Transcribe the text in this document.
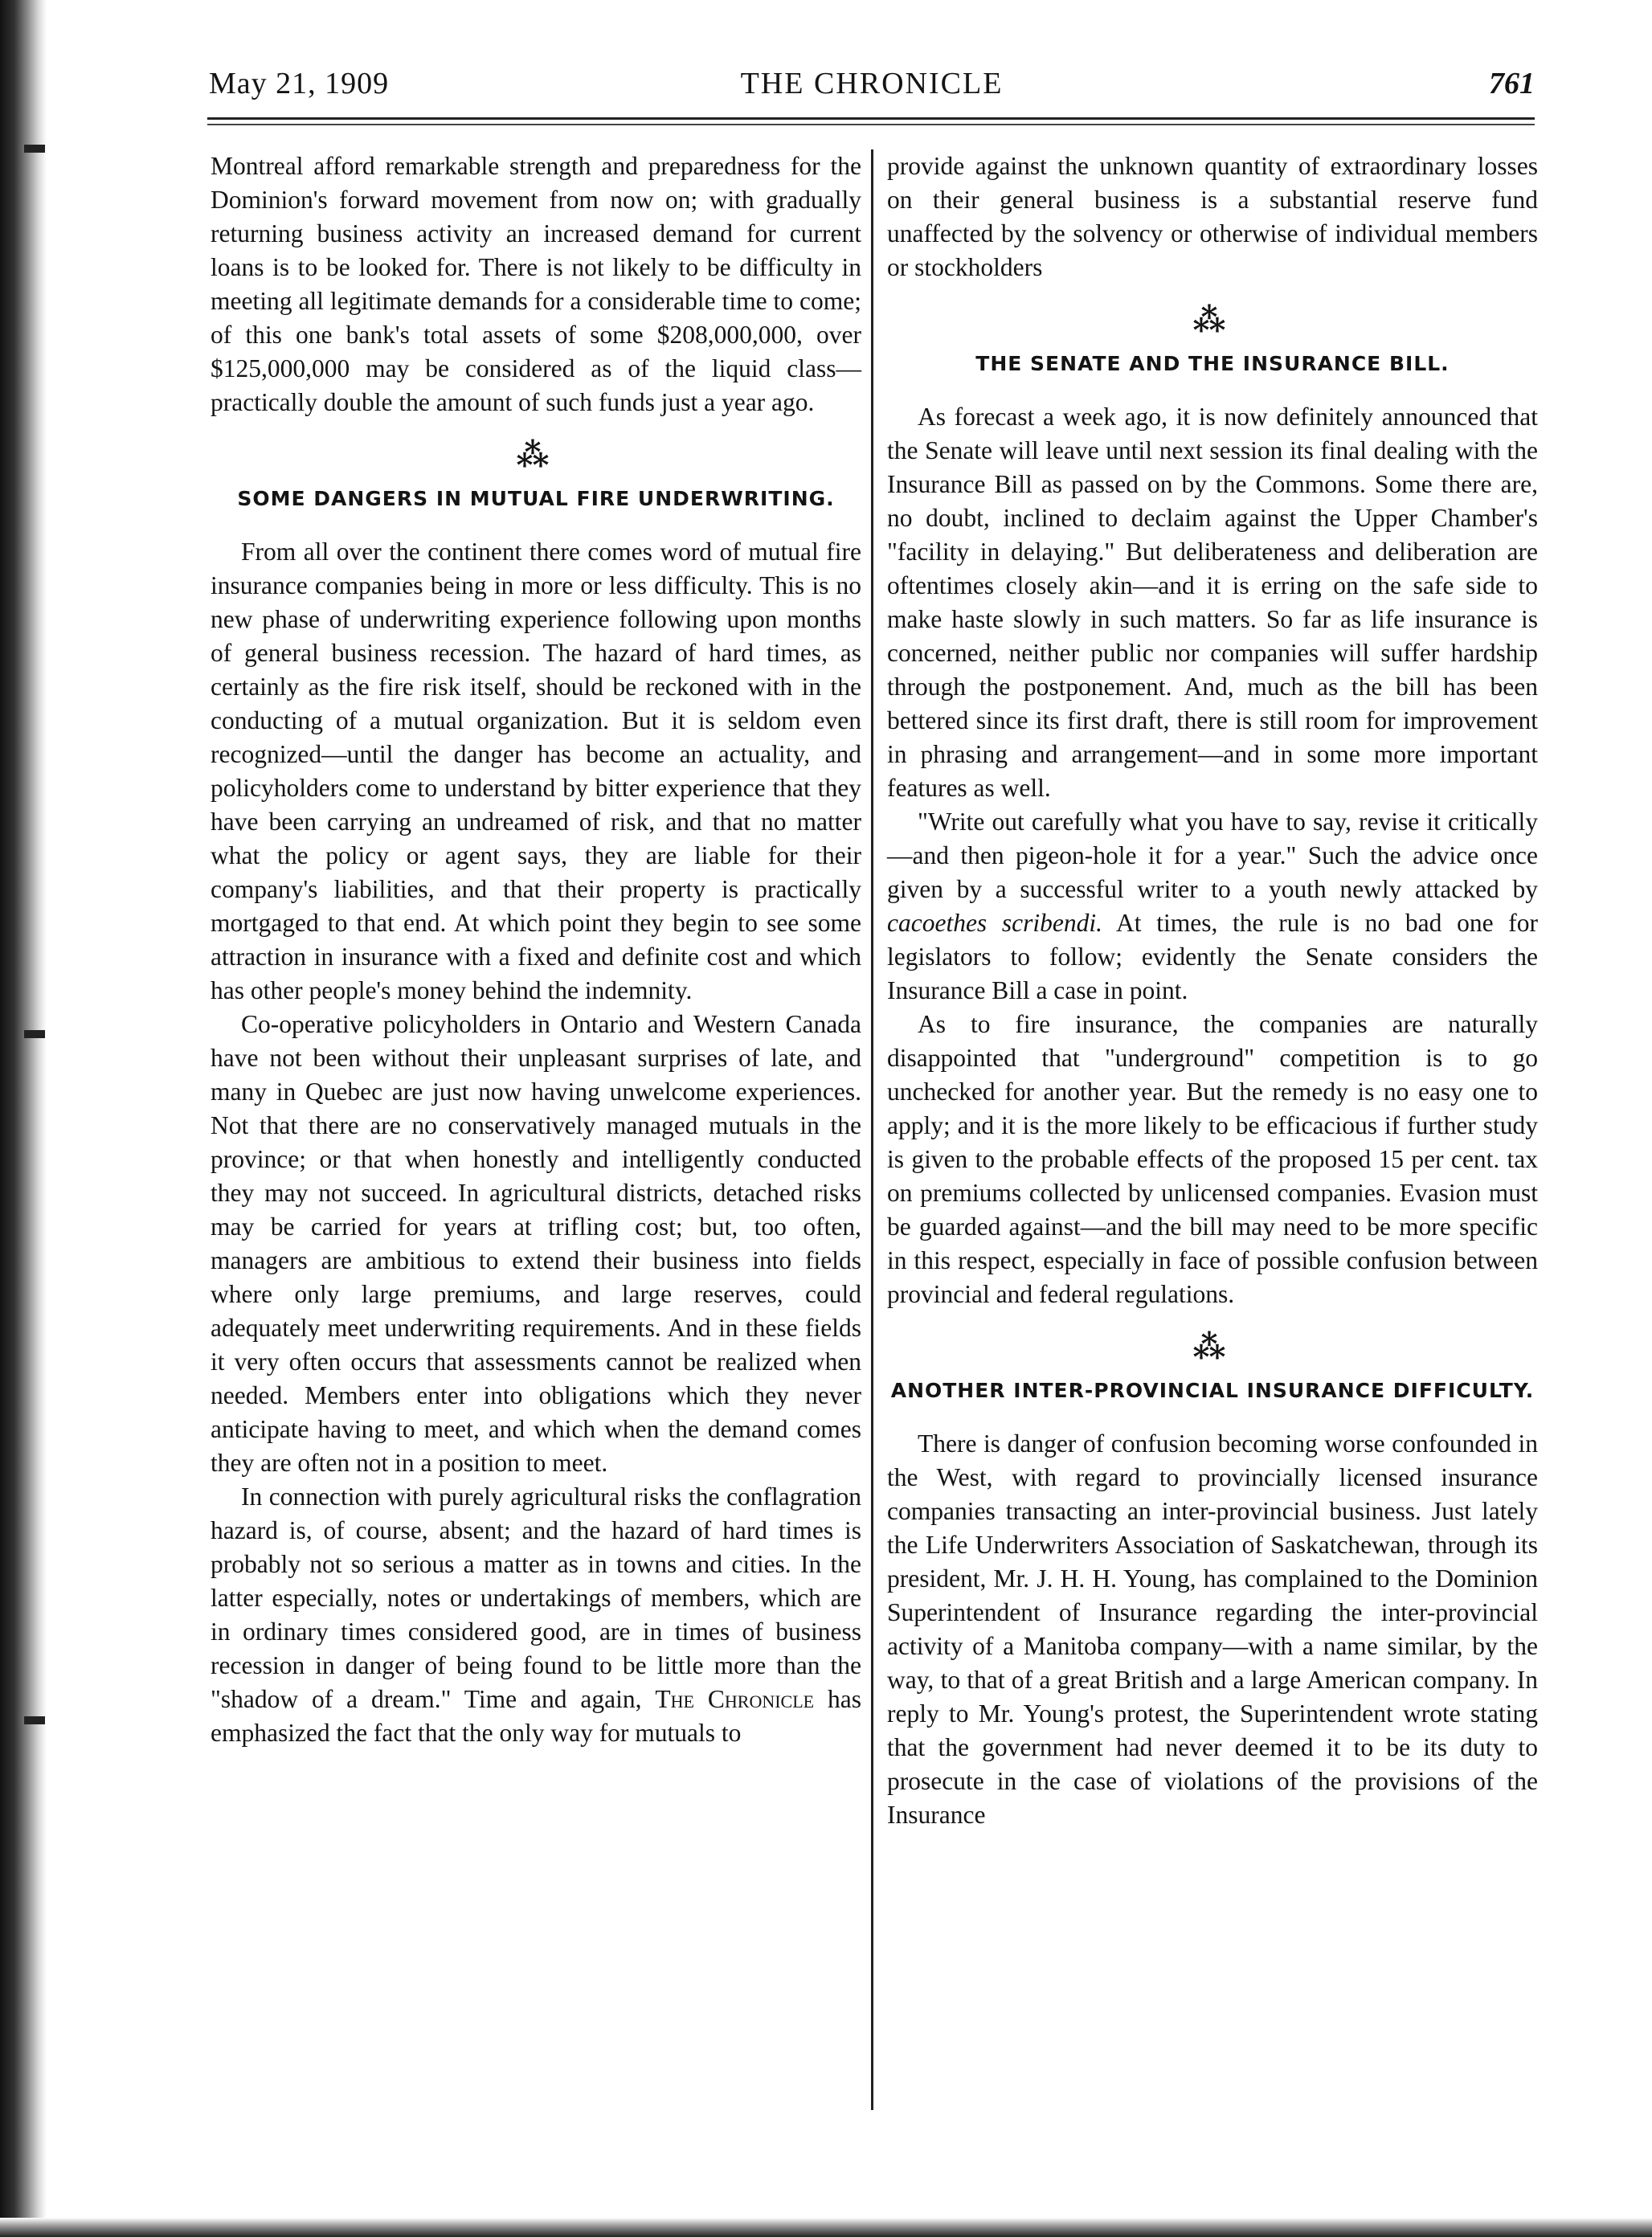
May 21, 1909	THE CHRONICLE	761

Montreal afford remarkable strength and preparedness for the Dominion's forward movement from now on; with gradually returning business activity an increased demand for current loans is to be looked for. There is not likely to be difficulty in meeting all legitimate demands for a considerable time to come; of this one bank's total assets of some $208,000,000, over $125,000,000 may be considered as of the liquid class—practically double the amount of such funds just a year ago.

⁂
SOME DANGERS IN MUTUAL FIRE UNDERWRITING.

From all over the continent there comes word of mutual fire insurance companies being in more or less difficulty. This is no new phase of underwriting experience following upon months of general business recession. The hazard of hard times, as certainly as the fire risk itself, should be reckoned with in the conducting of a mutual organization. But it is seldom even recognized—until the danger has become an actuality, and policyholders come to understand by bitter experience that they have been carrying an undreamed of risk, and that no matter what the policy or agent says, they are liable for their company's liabilities, and that their property is practically mortgaged to that end. At which point they begin to see some attraction in insurance with a fixed and definite cost and which has other people's money behind the indemnity.

Co-operative policyholders in Ontario and Western Canada have not been without their unpleasant surprises of late, and many in Quebec are just now having unwelcome experiences. Not that there are no conservatively managed mutuals in the province; or that when honestly and intelligently conducted they may not succeed. In agricultural districts, detached risks may be carried for years at trifling cost; but, too often, managers are ambitious to extend their business into fields where only large premiums, and large reserves, could adequately meet underwriting requirements. And in these fields it very often occurs that assessments cannot be realized when needed. Members enter into obligations which they never anticipate having to meet, and which when the demand comes they are often not in a position to meet.

In connection with purely agricultural risks the conflagration hazard is, of course, absent; and the hazard of hard times is probably not so serious a matter as in towns and cities. In the latter especially, notes or undertakings of members, which are in ordinary times considered good, are in times of business recession in danger of being found to be little more than the "shadow of a dream." Time and again, The Chronicle has emphasized the fact that the only way for mutuals to

provide against the unknown quantity of extraordinary losses on their general business is a substantial reserve fund unaffected by the solvency or otherwise of individual members or stockholders

⁂
THE SENATE AND THE INSURANCE BILL.

As forecast a week ago, it is now definitely announced that the Senate will leave until next session its final dealing with the Insurance Bill as passed on by the Commons. Some there are, no doubt, inclined to declaim against the Upper Chamber's "facility in delaying." But deliberateness and deliberation are oftentimes closely akin—and it is erring on the safe side to make haste slowly in such matters. So far as life insurance is concerned, neither public nor companies will suffer hardship through the postponement. And, much as the bill has been bettered since its first draft, there is still room for improvement in phrasing and arrangement—and in some more important features as well.

"Write out carefully what you have to say, revise it critically—and then pigeon-hole it for a year." Such the advice once given by a successful writer to a youth newly attacked by cacoethes scribendi. At times, the rule is no bad one for legislators to follow; evidently the Senate considers the Insurance Bill a case in point.

As to fire insurance, the companies are naturally disappointed that "underground" competition is to go unchecked for another year. But the remedy is no easy one to apply; and it is the more likely to be efficacious if further study is given to the probable effects of the proposed 15 per cent. tax on premiums collected by unlicensed companies. Evasion must be guarded against—and the bill may need to be more specific in this respect, especially in face of possible confusion between provincial and federal regulations.

⁂
ANOTHER INTER-PROVINCIAL INSURANCE DIFFICULTY.

There is danger of confusion becoming worse confounded in the West, with regard to provincially licensed insurance companies transacting an inter-provincial business. Just lately the Life Underwriters Association of Saskatchewan, through its president, Mr. J. H. H. Young, has complained to the Dominion Superintendent of Insurance regarding the inter-provincial activity of a Manitoba company—with a name similar, by the way, to that of a great British and a large American company. In reply to Mr. Young's protest, the Superintendent wrote stating that the government had never deemed it to be its duty to prosecute in the case of violations of the provisions of the Insurance
